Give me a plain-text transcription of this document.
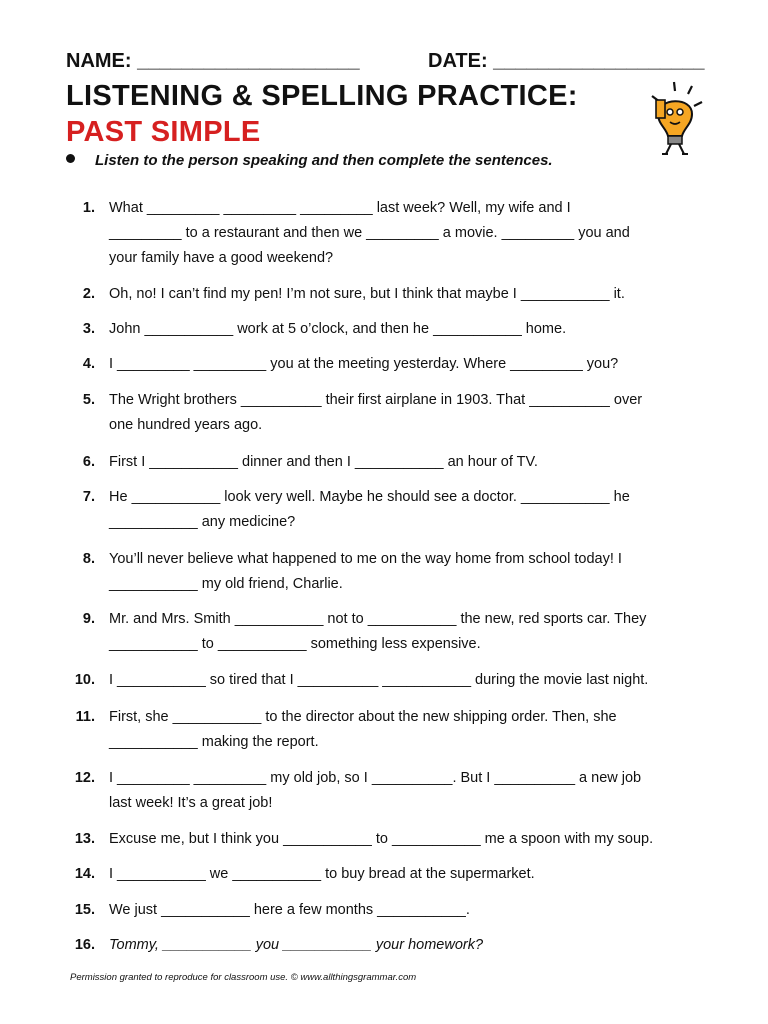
NAME: ____________________	DATE: ___________________
LISTENING & SPELLING PRACTICE:
PAST SIMPLE
Listen to the person speaking and then complete the sentences.
1. What _________ _________ _________ last week? Well, my wife and I
_________ to a restaurant and then we _________ a movie. _________ you and
your family have a good weekend?
2. Oh, no! I can’t find my pen! I’m not sure, but I think that maybe I ___________ it.
3. John ___________ work at 5 o’clock, and then he ___________ home.
4. I _________ _________ you at the meeting yesterday. Where _________ you?
5. The Wright brothers __________ their first airplane in 1903. That __________ over
one hundred years ago.
6. First I ___________ dinner and then I ___________ an hour of TV.
7. He ___________ look very well. Maybe he should see a doctor. ___________ he
___________ any medicine?
8. You’ll never believe what happened to me on the way home from school today! I
___________ my old friend, Charlie.
9. Mr. and Mrs. Smith ___________ not to ___________ the new, red sports car. They
___________ to ___________ something less expensive.
10. I ___________ so tired that I __________ ___________ during the movie last night.
11. First, she ___________ to the director about the new shipping order. Then, she
___________ making the report.
12. I _________ _________ my old job, so I __________. But I __________ a new job
last week! It’s a great job!
13. Excuse me, but I think you ___________ to ___________ me a spoon with my soup.
14. I ___________ we ___________ to buy bread at the supermarket.
15. We just ___________ here a few months ___________.
16. Tommy, ___________ you ___________ your homework?
Permission granted to reproduce for classroom use. © www.allthingsgrammar.com
